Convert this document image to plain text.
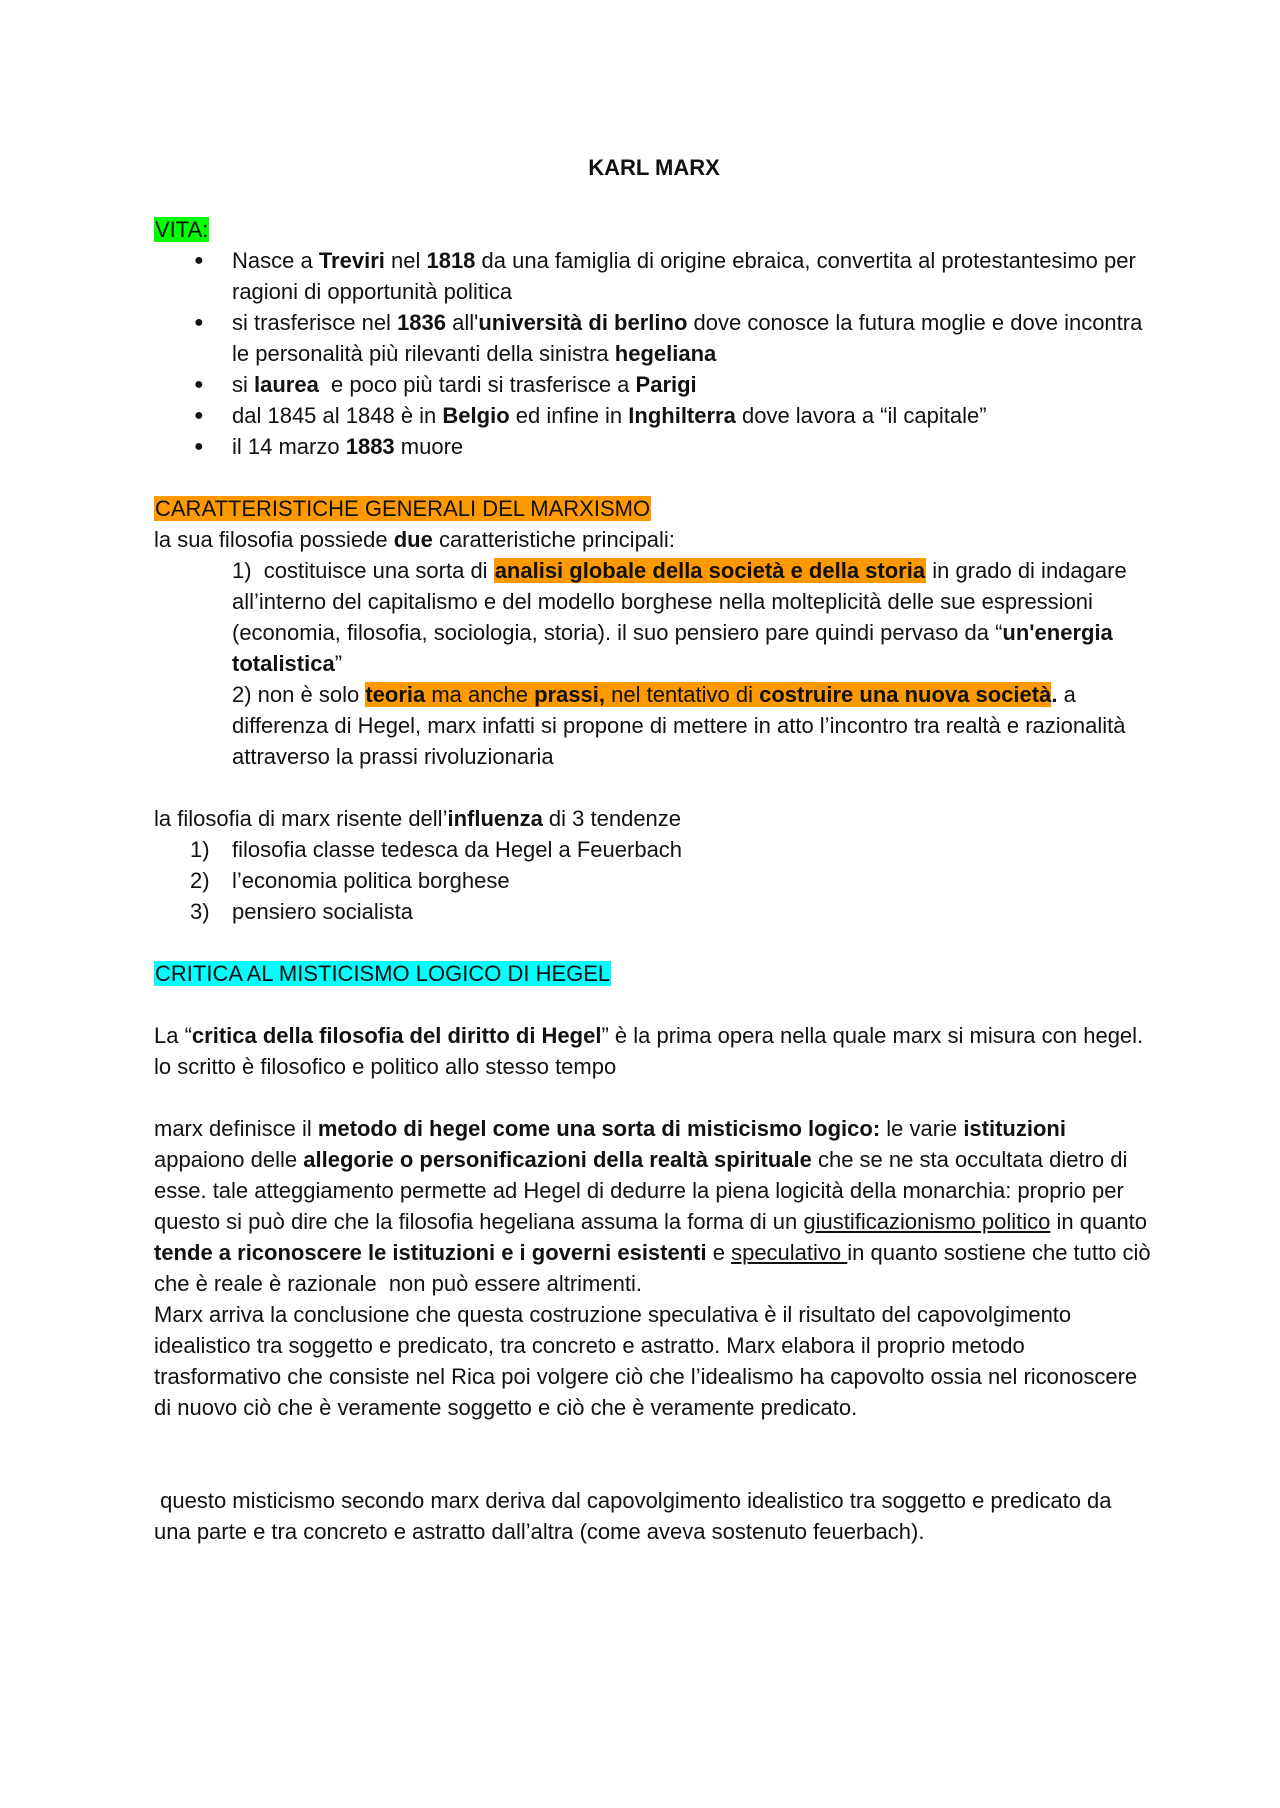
KARL MARX

VITA:

● Nasce a Treviri nel 1818 da una famiglia di origine ebraica, convertita al protestantesimo per ragioni di opportunità politica
● si trasferisce nel 1836 all'università di berlino dove conosce la futura moglie e dove incontra le personalità più rilevanti della sinistra hegeliana
● si laurea  e poco più tardi si trasferisce a Parigi
● dal 1845 al 1848 è in Belgio ed infine in Inghilterra dove lavora a “il capitale”
● il 14 marzo 1883 muore

CARATTERISTICHE GENERALI DEL MARXISMO

la sua filosofia possiede due caratteristiche principali:

1)  costituisce una sorta di analisi globale della società e della storia in grado di indagare all’interno del capitalismo e del modello borghese nella molteplicità delle sue espressioni (economia, filosofia, sociologia, storia). il suo pensiero pare quindi pervaso da “un'energia totalistica”
2) non è solo teoria ma anche prassi, nel tentativo di costruire una nuova società. a differenza di Hegel, marx infatti si propone di mettere in atto l’incontro tra realtà e razionalità attraverso la prassi rivoluzionaria

la filosofia di marx risente dell’influenza di 3 tendenze

1) filosofia classe tedesca da Hegel a Feuerbach
2) l’economia politica borghese
3) pensiero socialista

CRITICA AL MISTICISMO LOGICO DI HEGEL

La “critica della filosofia del diritto di Hegel” è la prima opera nella quale marx si misura con hegel. lo scritto è filosofico e politico allo stesso tempo

marx definisce il metodo di hegel come una sorta di misticismo logico: le varie istituzioni appaiono delle allegorie o personificazioni della realtà spirituale che se ne sta occultata dietro di esse. tale atteggiamento permette ad Hegel di dedurre la piena logicità della monarchia: proprio per questo si può dire che la filosofia hegeliana assuma la forma di un giustificazionismo politico in quanto tende a riconoscere le istituzioni e i governi esistenti e speculativo in quanto sostiene che tutto ciò che è reale è razionale  non può essere altrimenti.

Marx arriva la conclusione che questa costruzione speculativa è il risultato del capovolgimento idealistico tra soggetto e predicato, tra concreto e astratto. Marx elabora il proprio metodo trasformativo che consiste nel Rica poi volgere ciò che l’idealismo ha capovolto ossia nel riconoscere di nuovo ciò che è veramente soggetto e ciò che è veramente predicato.

questo misticismo secondo marx deriva dal capovolgimento idealistico tra soggetto e predicato da una parte e tra concreto e astratto dall’altra (come aveva sostenuto feuerbach).
